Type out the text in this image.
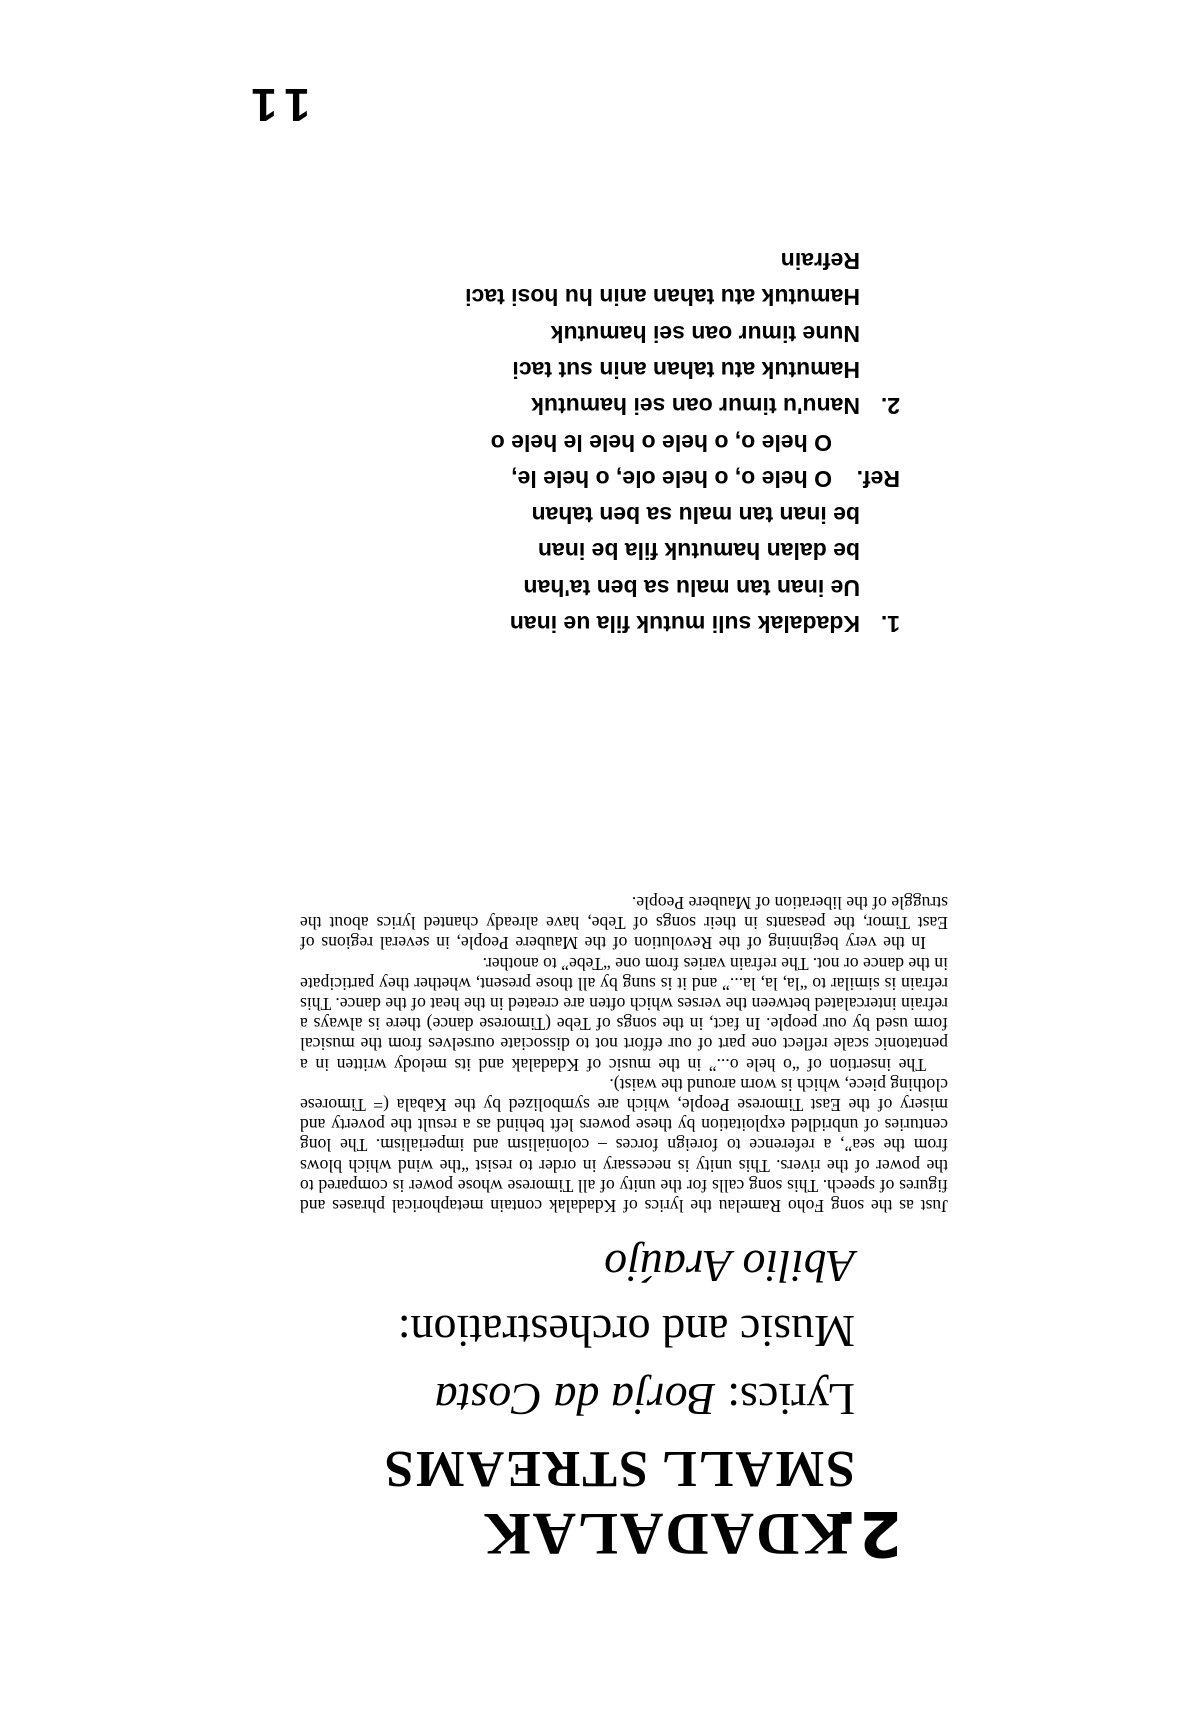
2.
KDADALAK
SMALL STREAMS
Lyrics: Borja da Costa
Music and orchestration:
Abilio Araújo

Just as the song Foho Ramelau the lyrics of Kdadalak contain metaphorical phrases and figures of speech. This song calls for the unity of all Timorese whose power is compared to the power of the rivers. This unity is necessary in order to resist “the wind which blows from the sea”, a reference to foreign forces – colonialism and imperialism. The long centuries of unbridled exploitation by these powers left behind as a result the poverty and misery of the East Timorese People, which are symbolized by the Kabala (= Timorese clothing piece, which is worn around the waist).

The insertion of “o hele o...” in the music of Kdadalak and its melody written in a pentatonic scale reflect one part of our effort not to dissociate ourselves from the musical form used by our people. In fact, in the songs of Tebe (Timorese dance) there is always a refrain intercalated between the verses which often are created in the heat of the dance. This refrain is similar to “la, la, la...” and it is sung by all those present, whether they participate in the dance or not. The refrain varies from one “Tebe” to another.

In the very beginning of the Revolution of the Maubere People, in several regions of East Timor, the peasants in their songs of Tebe, have already chanted lyrics about the struggle of the liberation of Maubere People.

1.Kdadalak suli mutuk fila ue inan
Ue inan tan malu sa ben ta'han
be dalan hamutuk fila be inan
be inan tan malu sa ben tahan
Ref.O hele o, o hele ole, o hele le,
O hele o, o hele o hele le hele o
2.Nanu'u timur oan sei hamutuk
Hamutuk atu tahan anin sut taci
Nune timur oan sei hamutuk
Hamutuk atu tahan anin hu hosi taci
Refrain
11
